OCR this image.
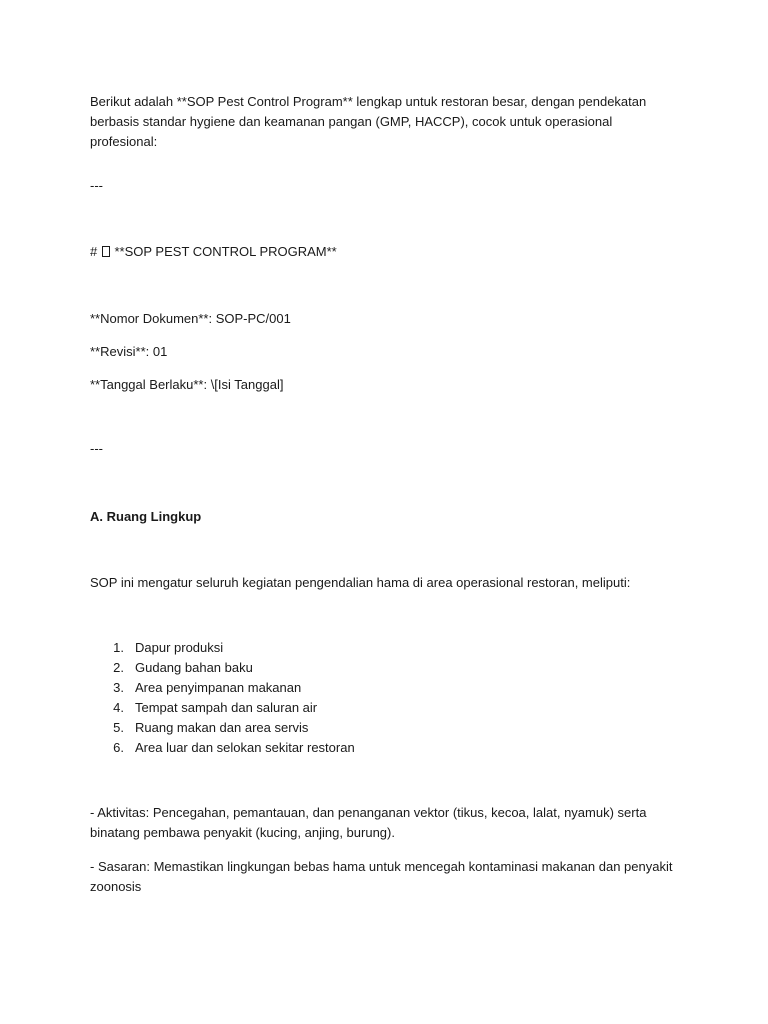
Berikut adalah **SOP Pest Control Program** lengkap untuk restoran besar, dengan pendekatan berbasis standar hygiene dan keamanan pangan (GMP, HACCP), cocok untuk operasional profesional:

---

# **SOP PEST CONTROL PROGRAM**

**Nomor Dokumen**: SOP-PC/001

**Revisi**: 01

**Tanggal Berlaku**: \[Isi Tanggal]

---

A. Ruang Lingkup

SOP ini mengatur seluruh kegiatan pengendalian hama di area operasional restoran, meliputi:

1. Dapur produksi
2. Gudang bahan baku
3. Area penyimpanan makanan
4. Tempat sampah dan saluran air
5. Ruang makan dan area servis
6. Area luar dan selokan sekitar restoran

- Aktivitas: Pencegahan, pemantauan, dan penanganan vektor (tikus, kecoa, lalat, nyamuk) serta binatang pembawa penyakit (kucing, anjing, burung).

- Sasaran: Memastikan lingkungan bebas hama untuk mencegah kontaminasi makanan dan penyakit zoonosis
